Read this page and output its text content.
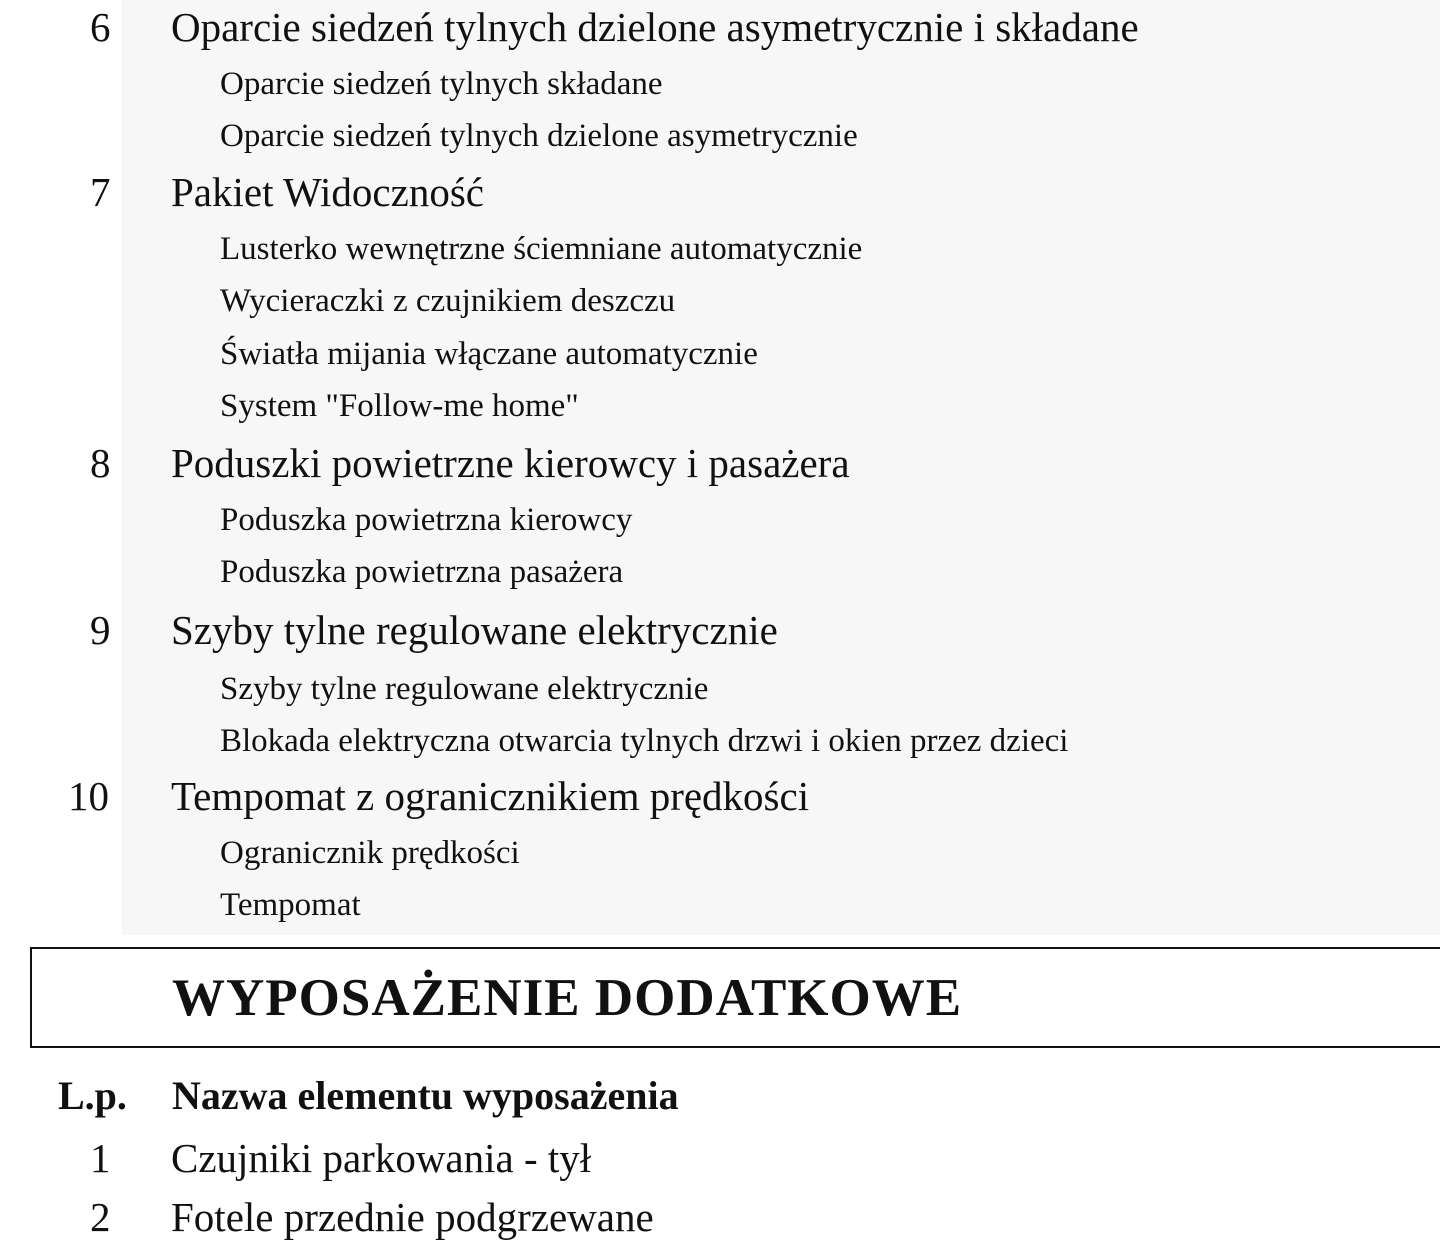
6 Oparcie siedzeń tylnych dzielone asymetrycznie i składane
Oparcie siedzeń tylnych składane
Oparcie siedzeń tylnych dzielone asymetrycznie
7 Pakiet Widoczność
Lusterko wewnętrzne ściemniane automatycznie
Wycieraczki z czujnikiem deszczu
Światła mijania włączane automatycznie
System "Follow-me home"
8 Poduszki powietrzne kierowcy i pasażera
Poduszka powietrzna kierowcy
Poduszka powietrzna pasażera
9 Szyby tylne regulowane elektrycznie
Szyby tylne regulowane elektrycznie
Blokada elektryczna otwarcia tylnych drzwi i okien przez dzieci
10 Tempomat z ogranicznikiem prędkości
Ogranicznik prędkości
Tempomat
WYPOSAŻENIE DODATKOWE
L.p. Nazwa elementu wyposażenia
1 Czujniki parkowania - tył
2 Fotele przednie podgrzewane
